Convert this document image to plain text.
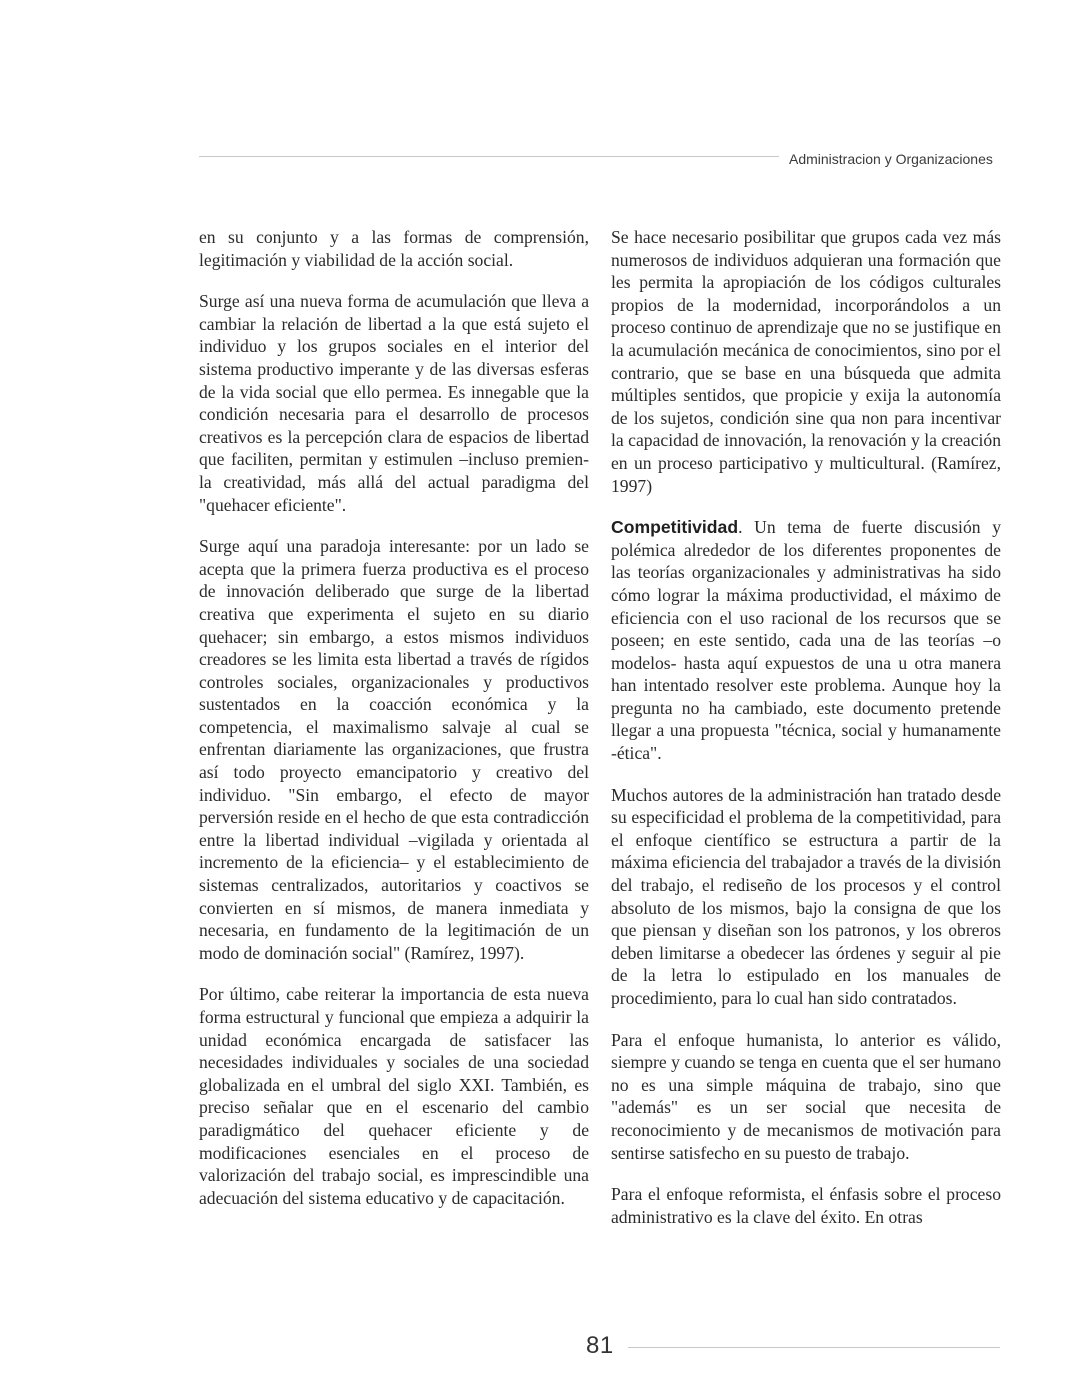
Administracion y Organizaciones

en su conjunto y a las formas de comprensión, legitimación y viabilidad de la acción social.

Surge así una nueva forma de acumulación que lleva a cambiar la relación de libertad a la que está sujeto el individuo y los grupos sociales en el interior del sistema productivo imperante y de las diversas esferas de la vida social que ello permea. Es innegable que la condición necesaria para el desarrollo de procesos creativos es la percepción clara de espacios de libertad que faciliten, permitan y estimulen –incluso premien- la creatividad, más allá del actual paradigma del "quehacer eficiente".

Surge aquí una paradoja interesante: por un lado se acepta que la primera fuerza productiva es el proceso de innovación deliberado que surge de la libertad creativa que experimenta el sujeto en su diario quehacer; sin embargo, a estos mismos individuos creadores se les limita esta libertad a través de rígidos controles sociales, organizacionales y productivos sustentados en la coacción económica y la competencia, el maximalismo salvaje al cual se enfrentan diariamente las organizaciones, que frustra así todo proyecto emancipatorio y creativo del individuo. "Sin embargo, el efecto de mayor perversión reside en el hecho de que esta contradicción entre la libertad individual –vigilada y orientada al incremento de la eficiencia– y el establecimiento de sistemas centralizados, autoritarios y coactivos se convierten en sí mismos, de manera inmediata y necesaria, en fundamento de la legitimación de un modo de dominación social" (Ramírez, 1997).

Por último, cabe reiterar la importancia de esta nueva forma estructural y funcional que empieza a adquirir la unidad económica encargada de satisfacer las necesidades individuales y sociales de una sociedad globalizada en el umbral del siglo XXI. También, es preciso señalar que en el escenario del cambio paradigmático del quehacer eficiente y de modificaciones esenciales en el proceso de valorización del trabajo social, es imprescindible una adecuación del sistema educativo y de capacitación.

Se hace necesario posibilitar que grupos cada vez más numerosos de individuos adquieran una formación que les permita la apropiación de los códigos culturales propios de la modernidad, incorporándolos a un proceso continuo de aprendizaje que no se justifique en la acumulación mecánica de conocimientos, sino por el contrario, que se base en una búsqueda que admita múltiples sentidos, que propicie y exija la autonomía de los sujetos, condición sine qua non para incentivar la capacidad de innovación, la renovación y la creación en un proceso participativo y multicultural. (Ramírez, 1997)

Competitividad. Un tema de fuerte discusión y polémica alrededor de los diferentes proponentes de las teorías organizacionales y administrativas ha sido cómo lograr la máxima productividad, el máximo de eficiencia con el uso racional de los recursos que se poseen; en este sentido, cada una de las teorías –o modelos- hasta aquí expuestos de una u otra manera han intentado resolver este problema. Aunque hoy la pregunta no ha cambiado, este documento pretende llegar a una propuesta "técnica, social y humanamente -ética".

Muchos autores de la administración han tratado desde su especificidad el problema de la competitividad, para el enfoque científico se estructura a partir de la máxima eficiencia del trabajador a través de la división del trabajo, el rediseño de los procesos y el control absoluto de los mismos, bajo la consigna de que los que piensan y diseñan son los patronos, y los obreros deben limitarse a obedecer las órdenes y seguir al pie de la letra lo estipulado en los manuales de procedimiento, para lo cual han sido contratados.

Para el enfoque humanista, lo anterior es válido, siempre y cuando se tenga en cuenta que el ser humano no es una simple máquina de trabajo, sino que "además" es un ser social que necesita de reconocimiento y de mecanismos de motivación para sentirse satisfecho en su puesto de trabajo.

Para el enfoque reformista, el énfasis sobre el proceso administrativo es la clave del éxito. En otras

81
